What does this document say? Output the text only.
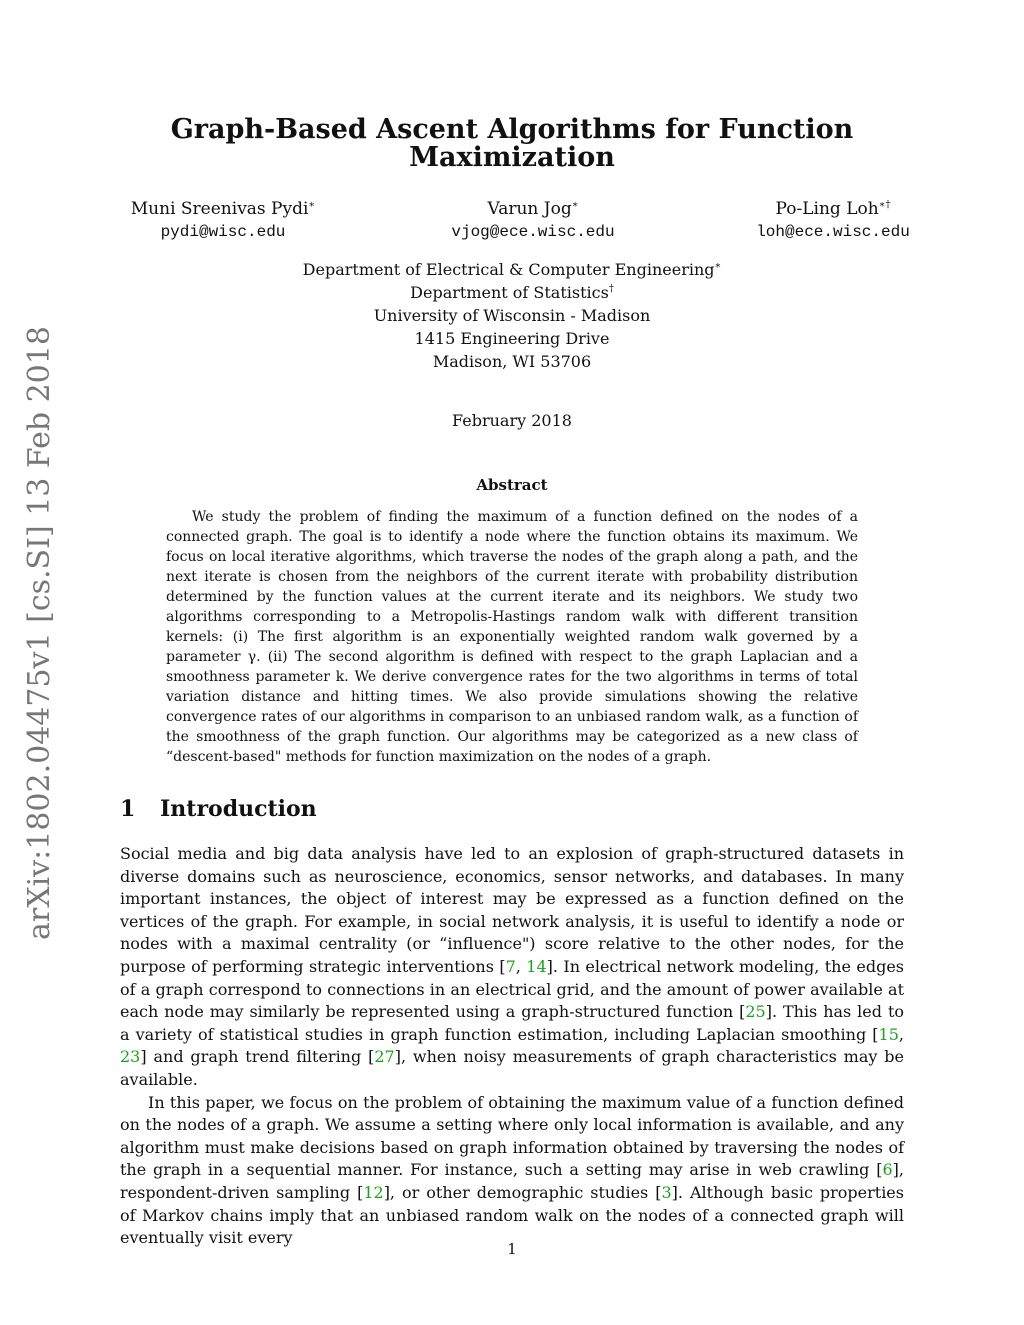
arXiv:1802.04475v1 [cs.SI] 13 Feb 2018
Graph-Based Ascent Algorithms for Function Maximization
Muni Sreenivas Pydi∗
pydi@wisc.edu
Varun Jog∗
vjog@ece.wisc.edu
Po-Ling Loh∗†
loh@ece.wisc.edu
Department of Electrical & Computer Engineering∗
Department of Statistics†
University of Wisconsin - Madison
1415 Engineering Drive
Madison, WI 53706
February 2018
Abstract

We study the problem of finding the maximum of a function defined on the nodes of a connected graph. The goal is to identify a node where the function obtains its maximum. We focus on local iterative algorithms, which traverse the nodes of the graph along a path, and the next iterate is chosen from the neighbors of the current iterate with probability distribution determined by the function values at the current iterate and its neighbors. We study two algorithms corresponding to a Metropolis-Hastings random walk with different transition kernels: (i) The first algorithm is an exponentially weighted random walk governed by a parameter γ. (ii) The second algorithm is defined with respect to the graph Laplacian and a smoothness parameter k. We derive convergence rates for the two algorithms in terms of total variation distance and hitting times. We also provide simulations showing the relative convergence rates of our algorithms in comparison to an unbiased random walk, as a function of the smoothness of the graph function. Our algorithms may be categorized as a new class of “descent-based" methods for function maximization on the nodes of a graph.

1 Introduction

Social media and big data analysis have led to an explosion of graph-structured datasets in diverse domains such as neuroscience, economics, sensor networks, and databases. In many important instances, the object of interest may be expressed as a function defined on the vertices of the graph. For example, in social network analysis, it is useful to identify a node or nodes with a maximal centrality (or “influence") score relative to the other nodes, for the purpose of performing strategic interventions [7, 14]. In electrical network modeling, the edges of a graph correspond to connections in an electrical grid, and the amount of power available at each node may similarly be represented using a graph-structured function [25]. This has led to a variety of statistical studies in graph function estimation, including Laplacian smoothing [15, 23] and graph trend filtering [27], when noisy measurements of graph characteristics may be available.

In this paper, we focus on the problem of obtaining the maximum value of a function defined on the nodes of a graph. We assume a setting where only local information is available, and any algorithm must make decisions based on graph information obtained by traversing the nodes of the graph in a sequential manner. For instance, such a setting may arise in web crawling [6], respondent-driven sampling [12], or other demographic studies [3]. Although basic properties of Markov chains imply that an unbiased random walk on the nodes of a connected graph will eventually visit every

1
